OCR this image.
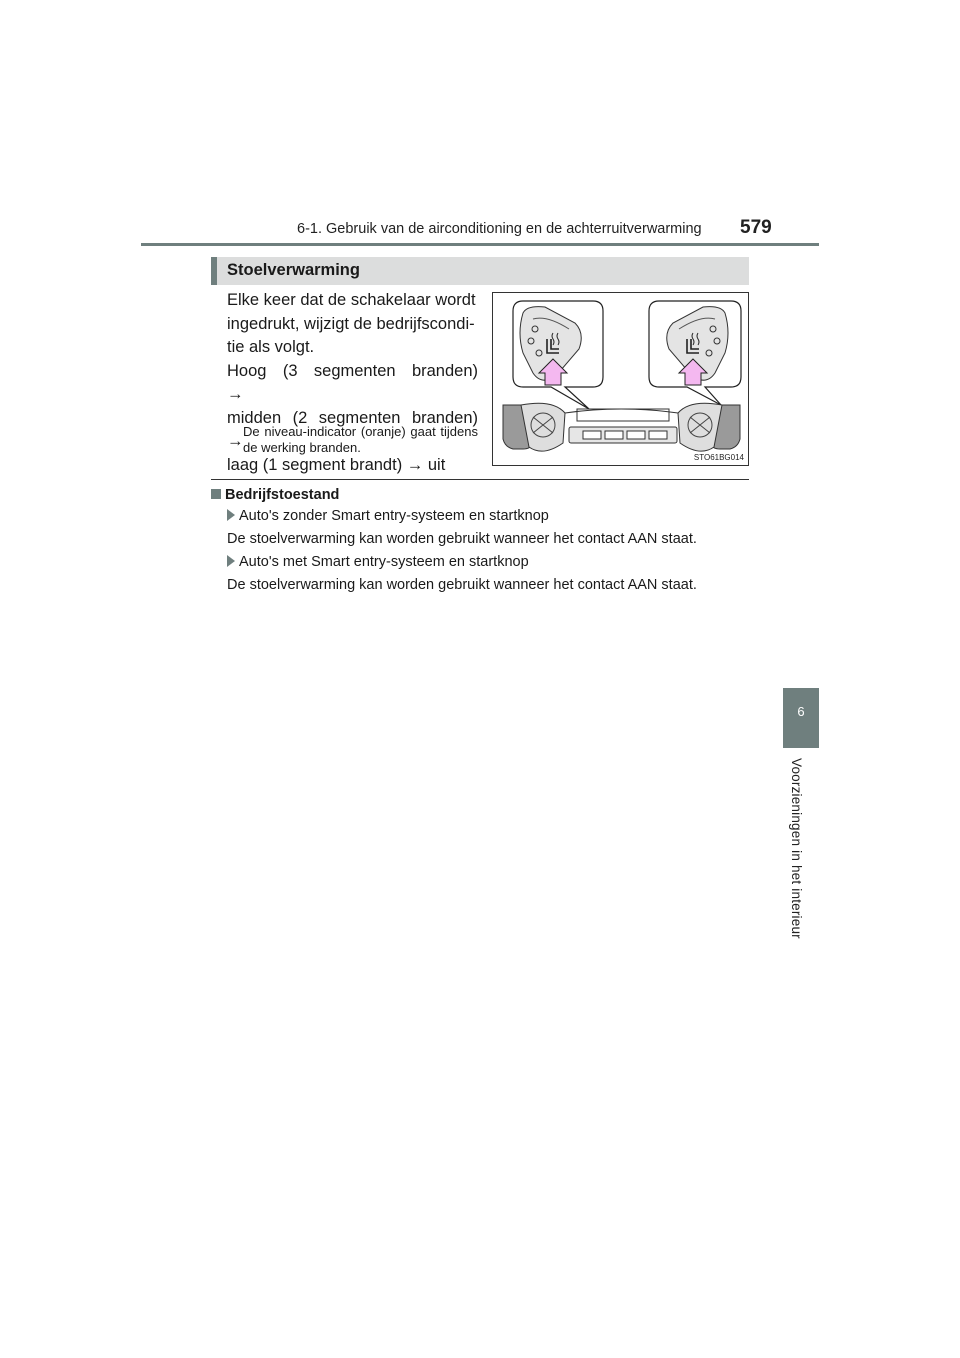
6-1. Gebruik van de airconditioning en de achterruitverwarming 579
6
Voorzieningen in het interieur
Stoelverwarming

Elke keer dat de schakelaar wordt

ingedrukt, wijzigt de bedrijfscondi-

tie als volgt.

Hoog (3 segmenten branden) →

midden (2 segmenten branden) →

laag (1 segment brandt) → uit

De niveau-indicator (oranje) gaat tijdens de werking branden.
STO61BG014
Bedrijfstoestand
Auto's zonder Smart entry-systeem en startknop
De stoelverwarming kan worden gebruikt wanneer het contact AAN staat.
Auto's met Smart entry-systeem en startknop
De stoelverwarming kan worden gebruikt wanneer het contact AAN staat.
